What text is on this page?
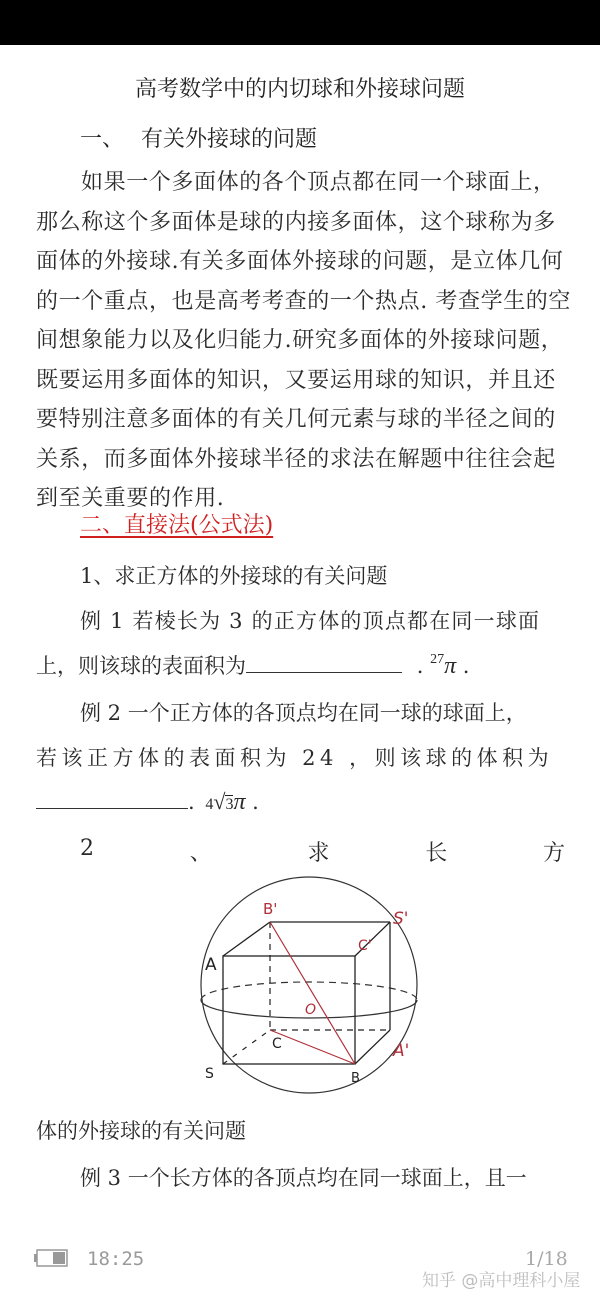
高考数学中的内切球和外接球问题
一、 有关外接球的问题
如果一个多面体的各个顶点都在同一个球面上，
那么称这个多面体是球的内接多面体，这个球称为多
面体的外接球.有关多面体外接球的问题，是立体几何
的一个重点，也是高考考查的一个热点. 考查学生的空
间想象能力以及化归能力.研究多面体的外接球问题，
既要运用多面体的知识，又要运用球的知识，并且还
要特别注意多面体的有关几何元素与球的半径之间的
关系，而多面体外接球半径的求法在解题中往往会起
到至关重要的作用.
二、直接法(公式法)
1、求正方体的外接球的有关问题
例 1 若棱长为 3 的正方体的顶点都在同一球面
上，则该球的表面积为	. $^{27}$π .
例 2 一个正方体的各顶点均在同一球的球面上，
若该正方体的表面积为 24 ，则该球的体积为
. 4√3π .
2	、	求	长	方
B'	S'
C'
A
O
C	A'
S	B
体的外接球的有关问题
例 3 一个长方体的各顶点均在同一球面上，且一
18:25	1/18
知乎 @高中理科小屋
